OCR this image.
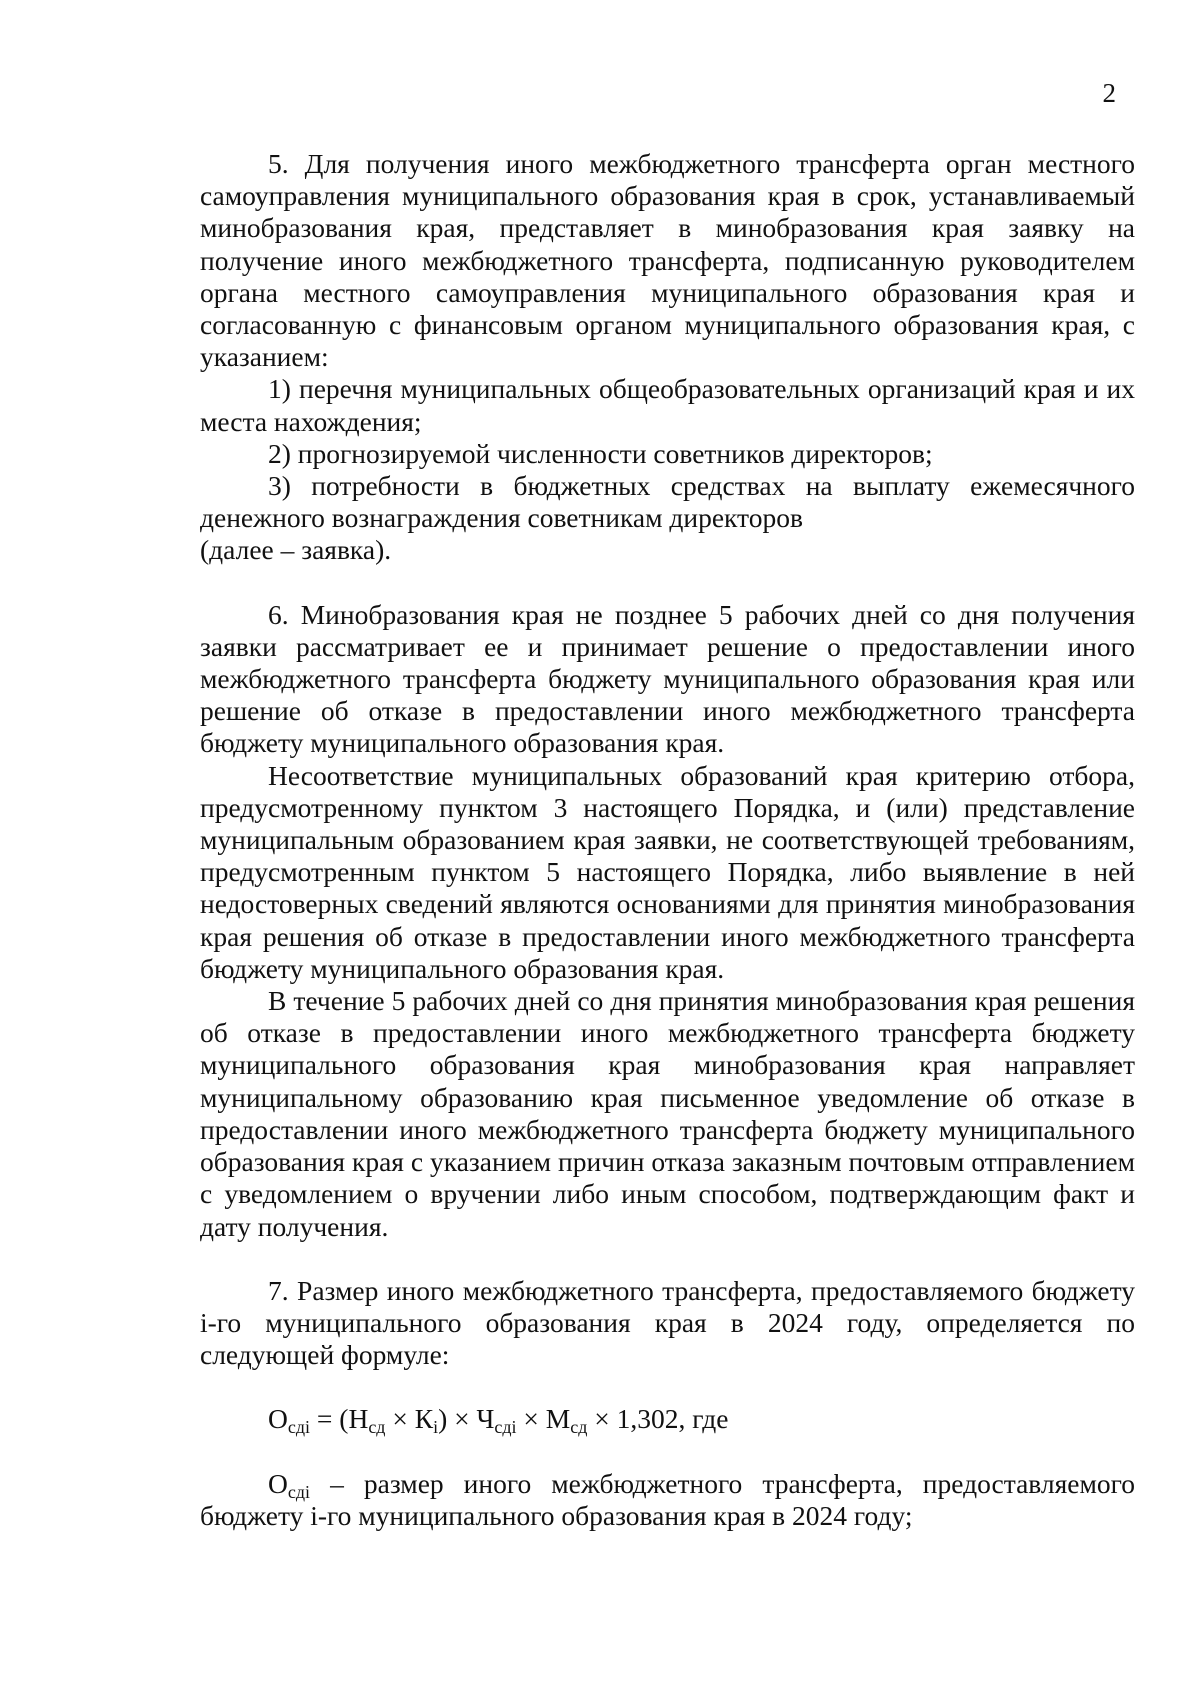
2

5. Для получения иного межбюджетного трансферта орган местного самоуправления муниципального образования края в срок, устанавливаемый минобразования края, представляет в минобразования края заявку на получение иного межбюджетного трансферта, подписанную руководителем органа местного самоуправления муниципального образования края и согласованную с финансовым органом муниципального образования края, с указанием:

1) перечня муниципальных общеобразовательных организаций края и их места нахождения;

2) прогнозируемой численности советников директоров;

3) потребности в бюджетных средствах на выплату ежемесячного денежного вознаграждения советникам директоров

(далее – заявка).

6. Минобразования края не позднее 5 рабочих дней со дня получения заявки рассматривает ее и принимает решение о предоставлении иного межбюджетного трансферта бюджету муниципального образования края или решение об отказе в предоставлении иного межбюджетного трансферта бюджету муниципального образования края.

Несоответствие муниципальных образований края критерию отбора, предусмотренному пунктом 3 настоящего Порядка, и (или) представление муниципальным образованием края заявки, не соответствующей требованиям, предусмотренным пунктом 5 настоящего Порядка, либо выявление в ней недостоверных сведений являются основаниями для принятия минобразования края решения об отказе в предоставлении иного межбюджетного трансферта бюджету муниципального образования края.

В течение 5 рабочих дней со дня принятия минобразования края решения об отказе в предоставлении иного межбюджетного трансферта бюджету муниципального образования края минобразования края направляет муниципальному образованию края письменное уведомление об отказе в предоставлении иного межбюджетного трансферта бюджету муниципального образования края с указанием причин отказа заказным почтовым отправлением с уведомлением о вручении либо иным способом, подтверждающим факт и дату получения.

7. Размер иного межбюджетного трансферта, предоставляемого бюджету i-го муниципального образования края в 2024 году, определяется по следующей формуле:

$О_{сдi} = (Н_{сд} \times К_i) \times Ч_{сдi} \times М_{сд} \times 1,302$, где

$О_{сдi}$ – размер иного межбюджетного трансферта, предоставляемого бюджету i-го муниципального образования края в 2024 году;
